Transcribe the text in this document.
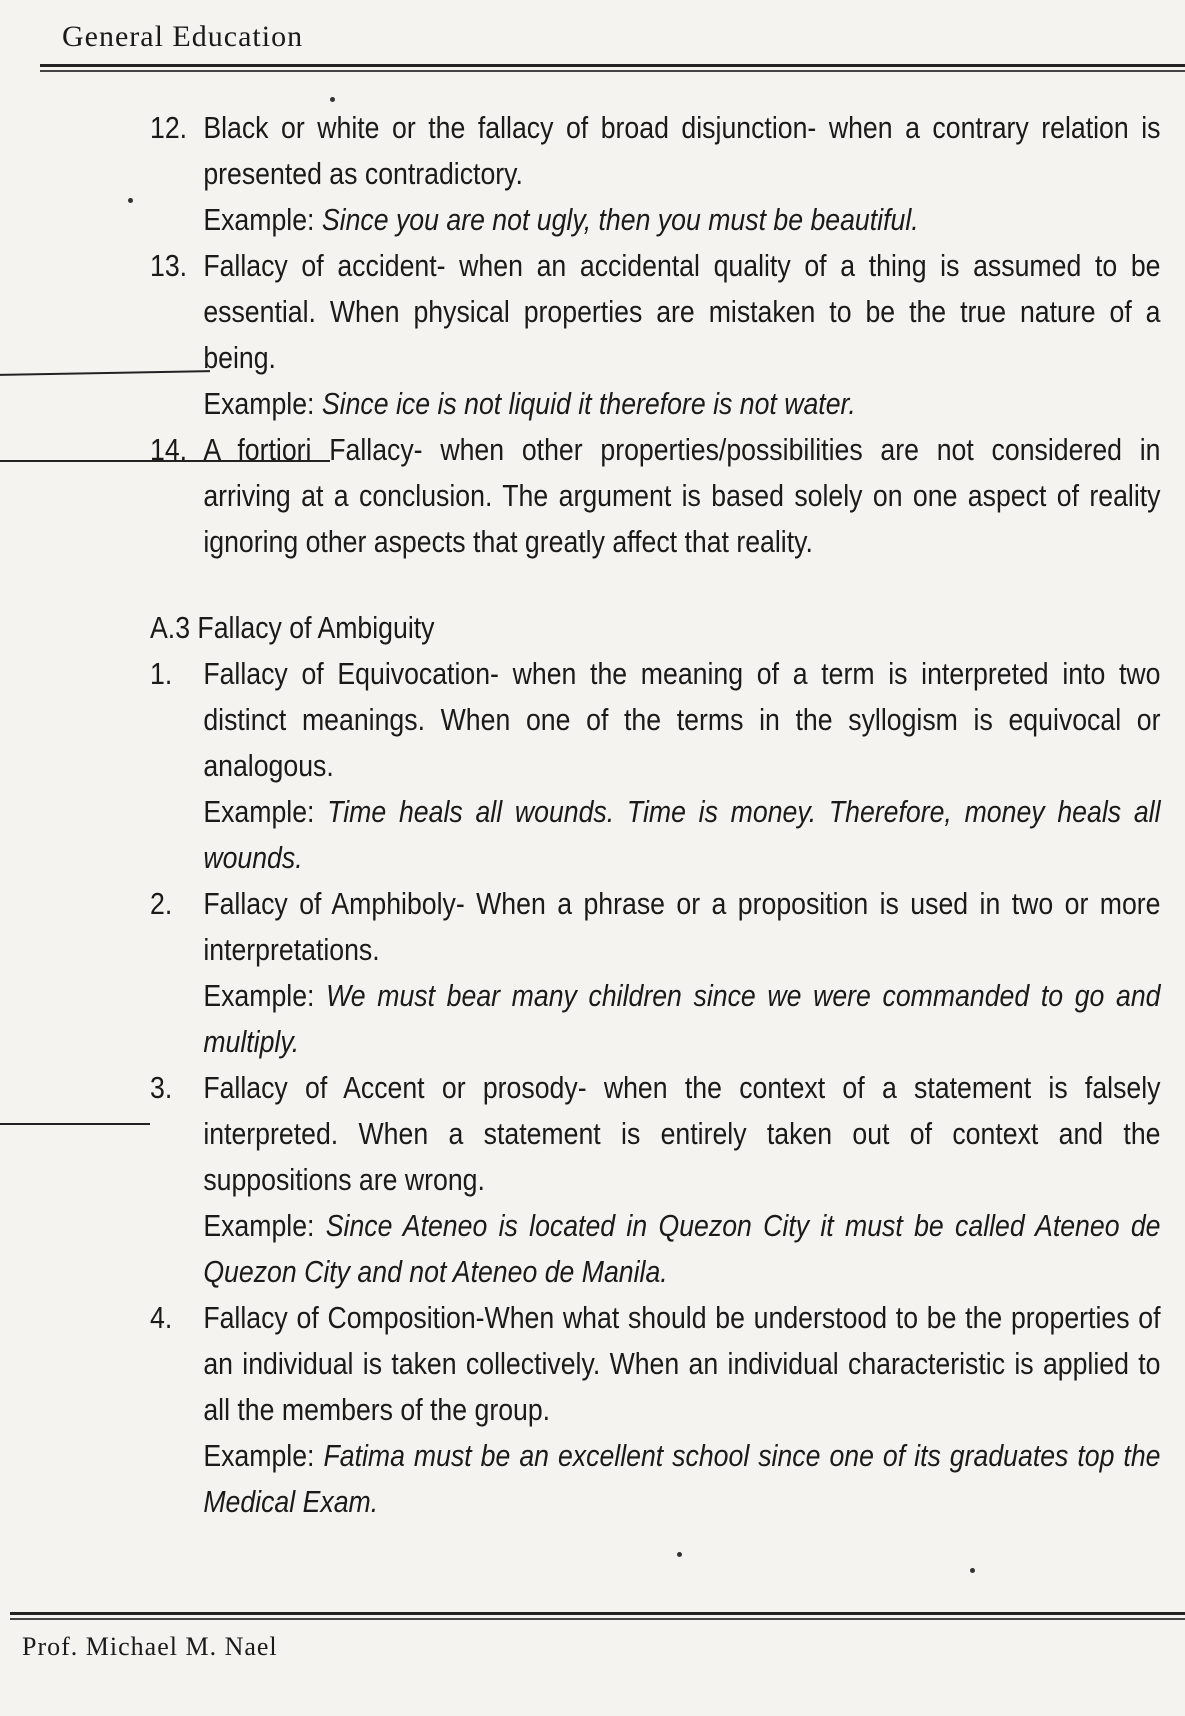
General Education
12. Black or white or the fallacy of broad disjunction- when a contrary relation is presented as contradictory.
Example: Since you are not ugly, then you must be beautiful.
13. Fallacy of accident- when an accidental quality of a thing is assumed to be essential. When physical properties are mistaken to be the true nature of a being.
Example: Since ice is not liquid it therefore is not water.
14. A fortiori Fallacy- when other properties/possibilities are not considered in arriving at a conclusion. The argument is based solely on one aspect of reality ignoring other aspects that greatly affect that reality.
A.3 Fallacy of Ambiguity
1.	Fallacy of Equivocation- when the meaning of a term is interpreted into two distinct meanings. When one of the terms in the syllogism is equivocal or analogous.
Example: Time heals all wounds. Time is money. Therefore, money heals all wounds.
2.	Fallacy of Amphiboly- When a phrase or a proposition is used in two or more interpretations.
Example: We must bear many children since we were commanded to go and multiply.
3.	Fallacy of Accent or prosody- when the context of a statement is falsely interpreted. When a statement is entirely taken out of context and the suppositions are wrong.
Example: Since Ateneo is located in Quezon City it must be called Ateneo de Quezon City and not Ateneo de Manila.
4.	Fallacy of Composition-When what should be understood to be the properties of an individual is taken collectively. When an individual characteristic is applied to all the members of the group.
Example: Fatima must be an excellent school since one of its graduates top the Medical Exam.
Prof. Michael M. Nael
